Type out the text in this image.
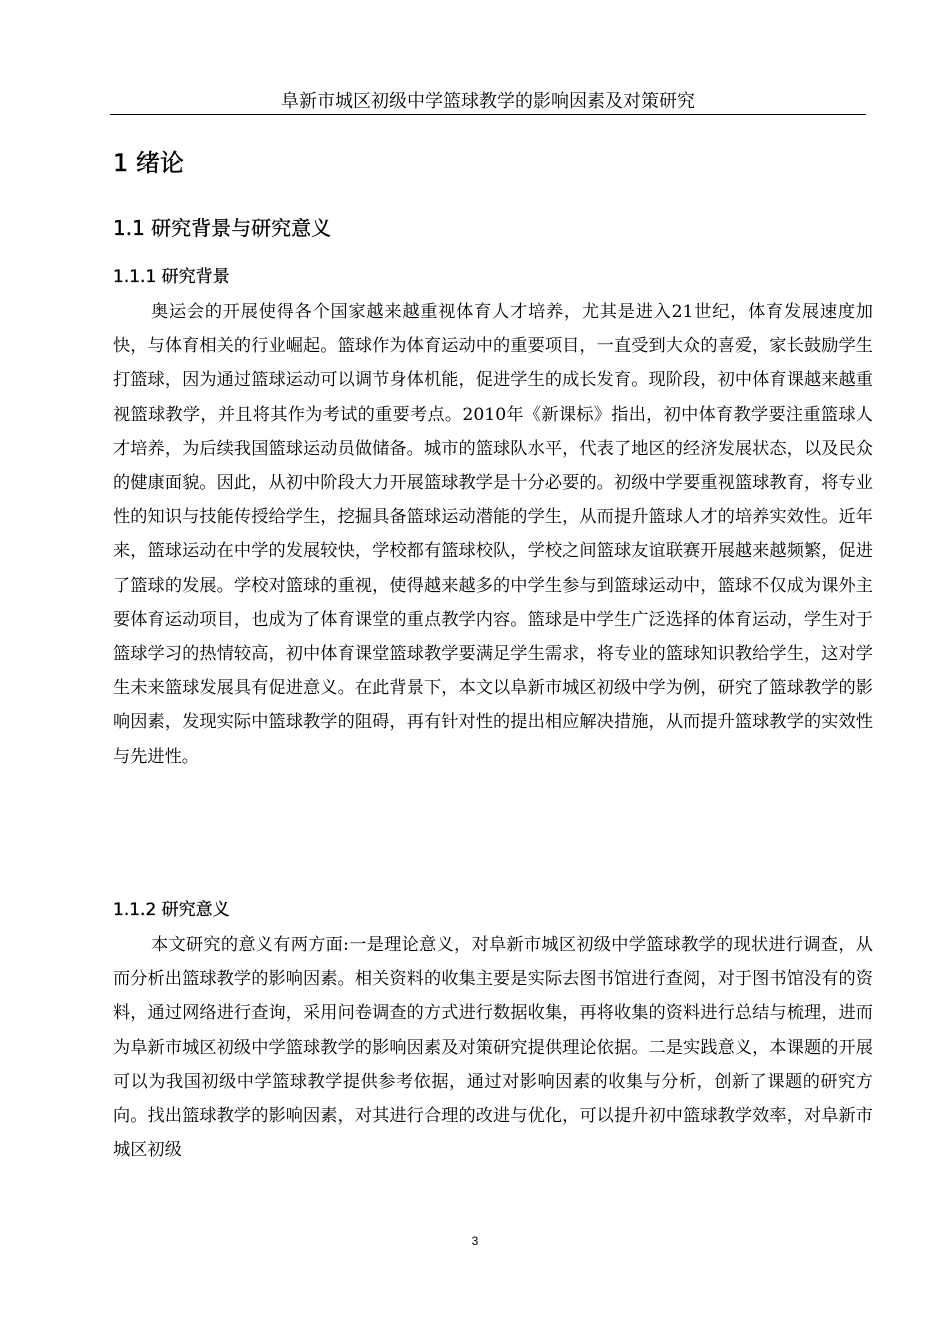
阜新市城区初级中学篮球教学的影响因素及对策研究
1 绪论
1.1 研究背景与研究意义
1.1.1 研究背景

奥运会的开展使得各个国家越来越重视体育人才培养，尤其是进入21世纪，体育发展速度加快，与体育相关的行业崛起。篮球作为体育运动中的重要项目，一直受到大众的喜爱，家长鼓励学生打篮球，因为通过篮球运动可以调节身体机能，促进学生的成长发育。现阶段，初中体育课越来越重视篮球教学，并且将其作为考试的重要考点。2010年《新课标》指出，初中体育教学要注重篮球人才培养，为后续我国篮球运动员做储备。城市的篮球队水平，代表了地区的经济发展状态，以及民众的健康面貌。因此，从初中阶段大力开展篮球教学是十分必要的。初级中学要重视篮球教育，将专业性的知识与技能传授给学生，挖掘具备篮球运动潜能的学生，从而提升篮球人才的培养实效性。近年来，篮球运动在中学的发展较快，学校都有篮球校队，学校之间篮球友谊联赛开展越来越频繁，促进了篮球的发展。学校对篮球的重视，使得越来越多的中学生参与到篮球运动中，篮球不仅成为课外主要体育运动项目，也成为了体育课堂的重点教学内容。篮球是中学生广泛选择的体育运动，学生对于篮球学习的热情较高，初中体育课堂篮球教学要满足学生需求，将专业的篮球知识教给学生，这对学生未来篮球发展具有促进意义。在此背景下，本文以阜新市城区初级中学为例，研究了篮球教学的影响因素，发现实际中篮球教学的阻碍，再有针对性的提出相应解决措施，从而提升篮球教学的实效性与先进性。

1.1.2 研究意义

本文研究的意义有两方面:一是理论意义，对阜新市城区初级中学篮球教学的现状进行调查，从而分析出篮球教学的影响因素。相关资料的收集主要是实际去图书馆进行查阅，对于图书馆没有的资料，通过网络进行查询，采用问卷调查的方式进行数据收集，再将收集的资料进行总结与梳理，进而为阜新市城区初级中学篮球教学的影响因素及对策研究提供理论依据。二是实践意义，本课题的开展可以为我国初级中学篮球教学提供参考依据，通过对影响因素的收集与分析，创新了课题的研究方向。找出篮球教学的影响因素，对其进行合理的改进与优化，可以提升初中篮球教学效率，对阜新市城区初级

3
